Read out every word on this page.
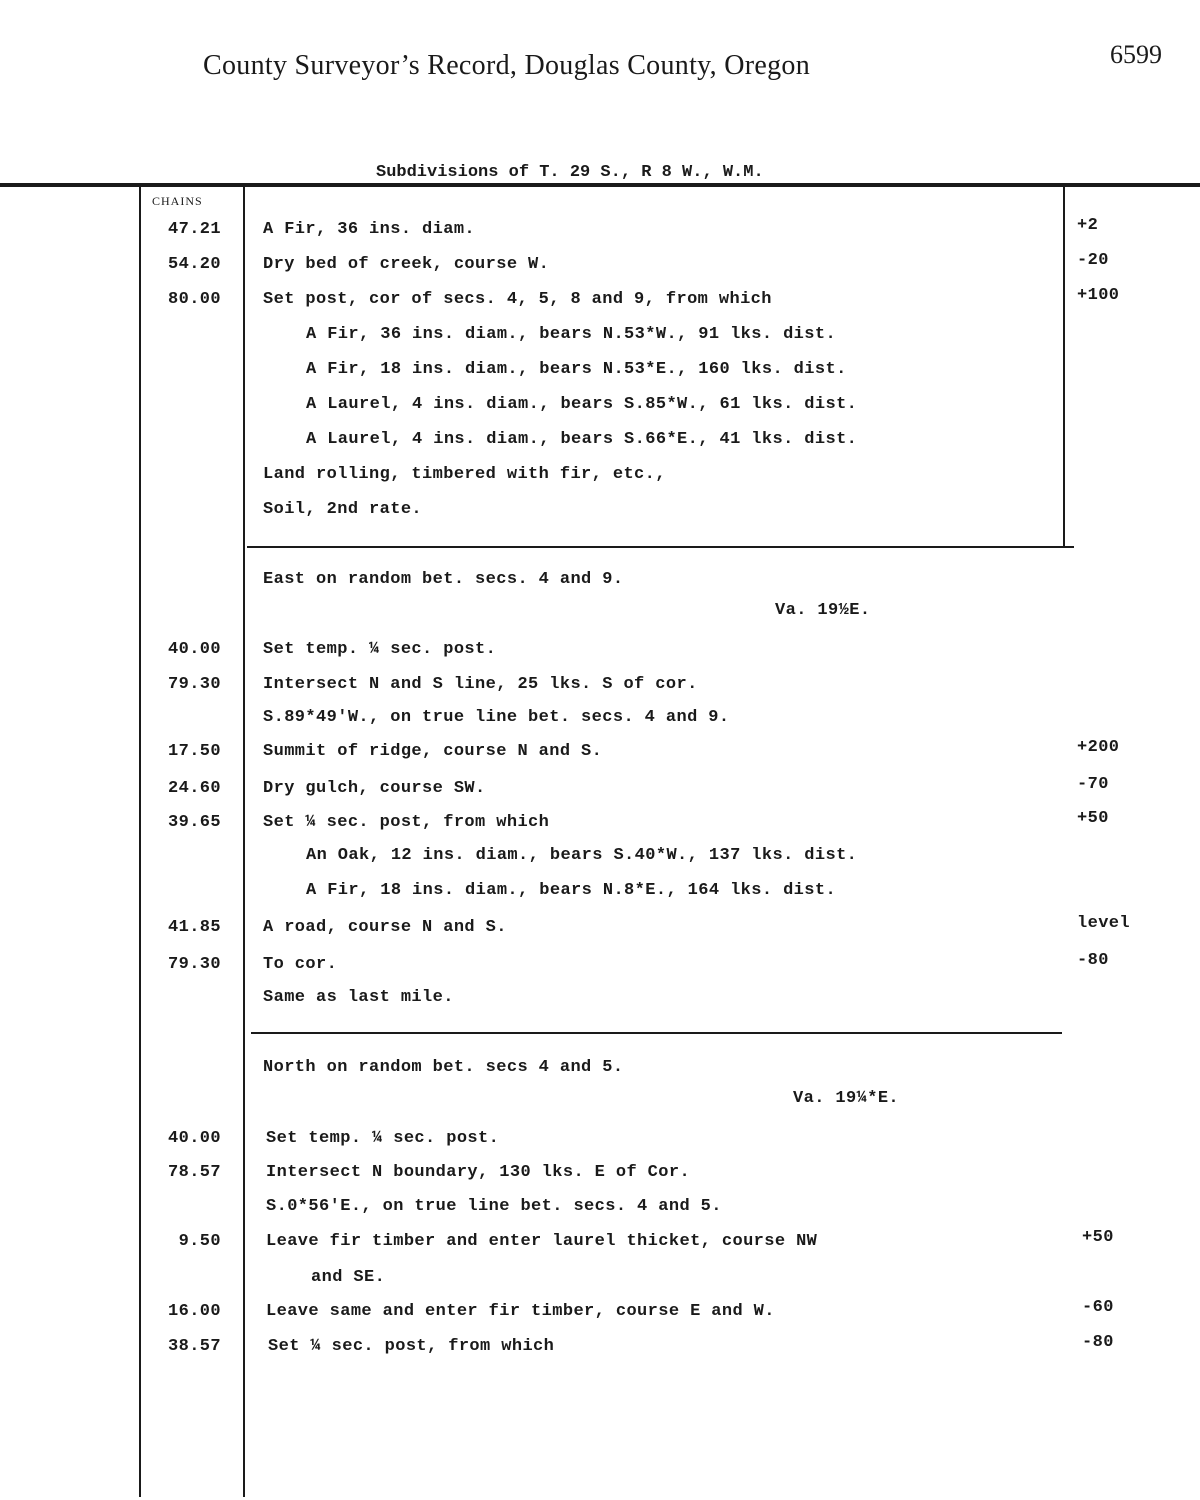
County Surveyor’s Record, Douglas County, Oregon	6599
Subdivisions of T. 29 S., R 8 W., W.M.
CHAINS
47.21 A Fir, 36 ins. diam.	+2
54.20 Dry bed of creek, course W.	-20
80.00 Set post, cor of secs. 4, 5, 8 and 9, from which	+100
A Fir, 36 ins. diam., bears N.53*W., 91 lks. dist.
A Fir, 18 ins. diam., bears N.53*E., 160 lks. dist.
A Laurel, 4 ins. diam., bears S.85*W., 61 lks. dist.
A Laurel, 4 ins. diam., bears S.66*E., 41 lks. dist.
Land rolling, timbered with fir, etc.,
Soil, 2nd rate.
East on random bet. secs. 4 and 9.
Va. 19½E.
40.00 Set temp. ¼ sec. post.
79.30 Intersect N and S line, 25 lks. S of cor.
S.89*49'W., on true line bet. secs. 4 and 9.
17.50 Summit of ridge, course N and S.	+200
24.60 Dry gulch, course SW.	-70
39.65 Set ¼ sec. post, from which	+50
An Oak, 12 ins. diam., bears S.40*W., 137 lks. dist.
A Fir, 18 ins. diam., bears N.8*E., 164 lks. dist.
41.85 A road, course N and S.	level
79.30 To cor.	-80
Same as last mile.
North on random bet. secs 4 and 5.
Va. 19¼*E.
40.00	Set temp. ¼ sec. post.
78.57	Intersect N boundary, 130 lks. E of Cor.
S.0*56'E., on true line bet. secs. 4 and 5.
9.50	Leave fir timber and enter laurel thicket, course NW	+50
and SE.
16.00	Leave same and enter fir timber, course E and W.	-60
38.57	Set ¼ sec. post, from which	-80
